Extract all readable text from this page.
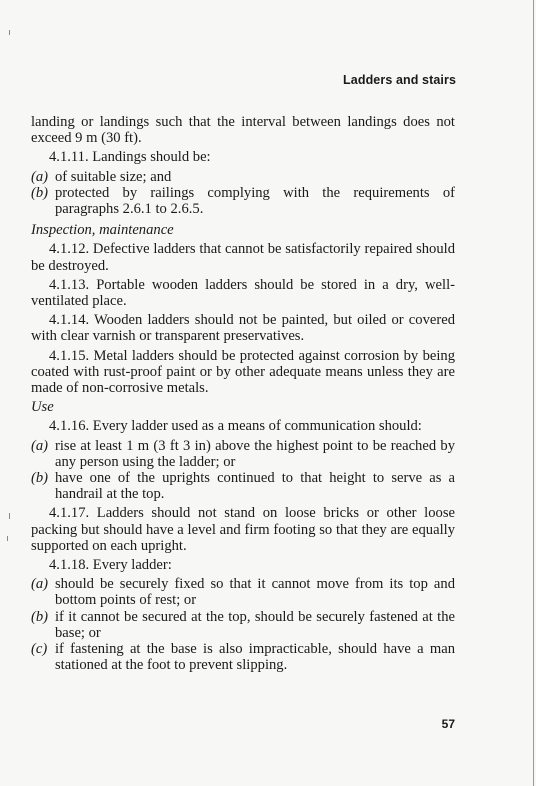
Ladders and stairs
landing or landings such that the interval between landings does not exceed 9 m (30 ft).
4.1.11. Landings should be:
(a) of suitable size; and
(b) protected by railings complying with the requirements of paragraphs 2.6.1 to 2.6.5.
Inspection, maintenance
4.1.12. Defective ladders that cannot be satisfactorily repaired should be destroyed.
4.1.13. Portable wooden ladders should be stored in a dry, well-ventilated place.
4.1.14. Wooden ladders should not be painted, but oiled or covered with clear varnish or transparent preservatives.
4.1.15. Metal ladders should be protected against corrosion by being coated with rust-proof paint or by other adequate means unless they are made of non-corrosive metals.
Use
4.1.16. Every ladder used as a means of communication should:
(a) rise at least 1 m (3 ft 3 in) above the highest point to be reached by any person using the ladder; or
(b) have one of the uprights continued to that height to serve as a handrail at the top.
4.1.17. Ladders should not stand on loose bricks or other loose packing but should have a level and firm footing so that they are equally supported on each upright.
4.1.18. Every ladder:
(a) should be securely fixed so that it cannot move from its top and bottom points of rest; or
(b) if it cannot be secured at the top, should be securely fastened at the base; or
(c) if fastening at the base is also impracticable, should have a man stationed at the foot to prevent slipping.
57
